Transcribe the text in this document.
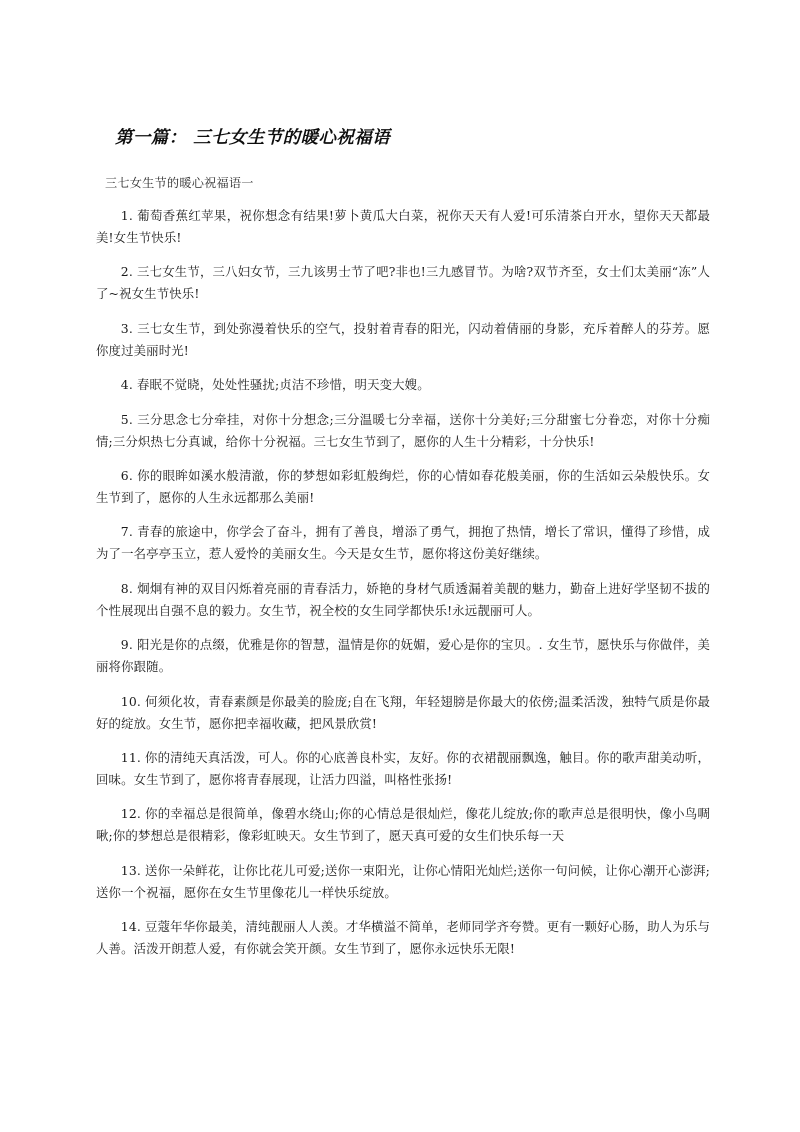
第一篇： 三七女生节的暖心祝福语

三七女生节的暖心祝福语一

1. 葡萄香蕉红苹果，祝你想念有结果!萝卜黄瓜大白菜，祝你天天有人爱!可乐清茶白开水，望你天天都最美!女生节快乐!

2. 三七女生节，三八妇女节，三九该男士节了吧?非也!三九感冒节。为啥?双节齐至，女士们太美丽“冻”人了~祝女生节快乐!

3. 三七女生节，到处弥漫着快乐的空气，投射着青春的阳光，闪动着倩丽的身影，充斥着醉人的芬芳。愿你度过美丽时光!

4. 春眠不觉晓，处处性骚扰;贞洁不珍惜，明天变大嫂。

5. 三分思念七分牵挂，对你十分想念;三分温暖七分幸福，送你十分美好;三分甜蜜七分眷恋，对你十分痴情;三分炽热七分真诚，给你十分祝福。三七女生节到了，愿你的人生十分精彩，十分快乐!

6. 你的眼眸如溪水般清澈，你的梦想如彩虹般绚烂，你的心情如春花般美丽，你的生活如云朵般快乐。女生节到了，愿你的人生永远都那么美丽!

7. 青春的旅途中，你学会了奋斗，拥有了善良，增添了勇气，拥抱了热情，增长了常识，懂得了珍惜，成为了一名亭亭玉立，惹人爱怜的美丽女生。今天是女生节，愿你将这份美好继续。

8. 炯炯有神的双目闪烁着亮丽的青春活力，娇艳的身材气质透漏着美靓的魅力，勤奋上进好学坚韧不拔的个性展现出自强不息的毅力。女生节，祝全校的女生同学都快乐!永远靓丽可人。

9. 阳光是你的点缀，优雅是你的智慧，温情是你的妩媚，爱心是你的宝贝。. 女生节，愿快乐与你做伴，美丽将你跟随。

10. 何须化妆，青春素颜是你最美的脸庞;自在飞翔，年轻翅膀是你最大的依傍;温柔活泼，独特气质是你最好的绽放。女生节，愿你把幸福收藏，把风景欣赏!

11. 你的清纯天真活泼，可人。你的心底善良朴实，友好。你的衣裙靓丽飘逸，触目。你的歌声甜美动听，回味。女生节到了，愿你将青春展现，让活力四溢，叫格性张扬!

12. 你的幸福总是很简单，像碧水绕山;你的心情总是很灿烂，像花儿绽放;你的歌声总是很明快，像小鸟啁啾;你的梦想总是很精彩，像彩虹映天。女生节到了，愿天真可爱的女生们快乐每一天

13. 送你一朵鲜花，让你比花儿可爱;送你一束阳光，让你心情阳光灿烂;送你一句问候，让你心潮开心澎湃;送你一个祝福，愿你在女生节里像花儿一样快乐绽放。

14. 豆蔻年华你最美，清纯靓丽人人羡。才华横溢不简单，老师同学齐夸赞。更有一颗好心肠，助人为乐与人善。活泼开朗惹人爱，有你就会笑开颜。女生节到了，愿你永远快乐无限!
